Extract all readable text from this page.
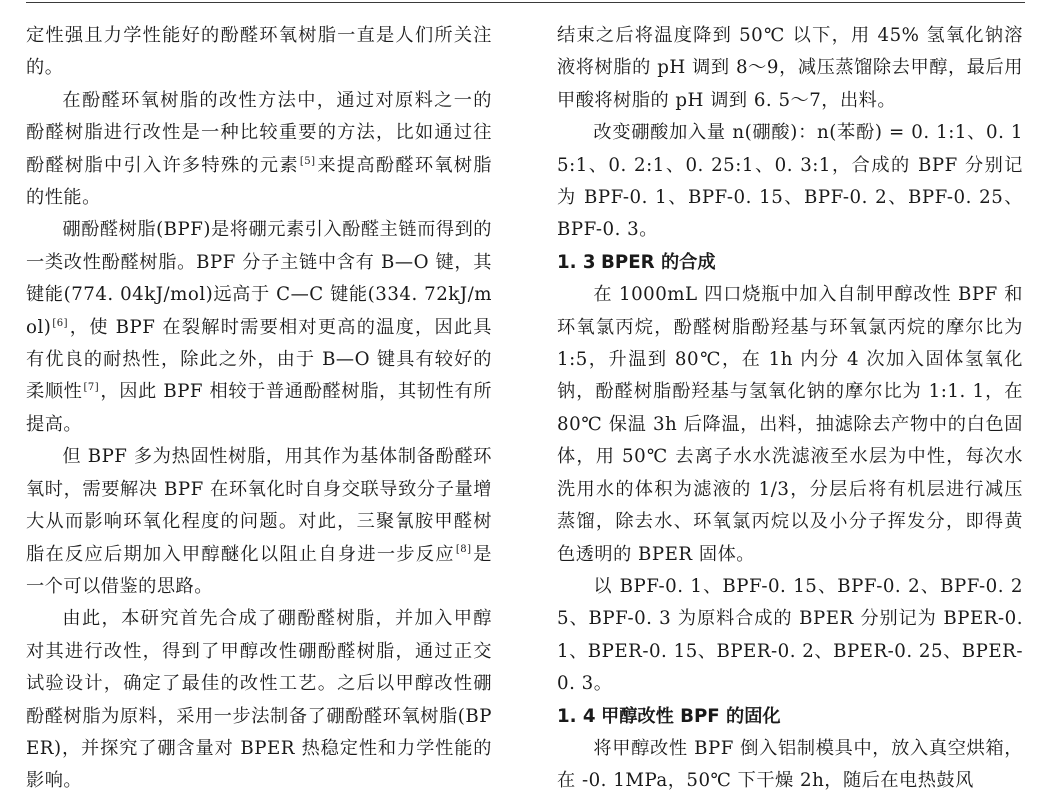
定性强且力学性能好的酚醛环氧树脂一直是人们所关注的。

在酚醛环氧树脂的改性方法中，通过对原料之一的酚醛树脂进行改性是一种比较重要的方法，比如通过往酚醛树脂中引入许多特殊的元素[5]来提高酚醛环氧树脂的性能。

硼酚醛树脂(BPF)是将硼元素引入酚醛主链而得到的一类改性酚醛树脂。BPF 分子主链中含有 B—O 键，其键能(774. 04kJ/mol)远高于 C—C 键能(334. 72kJ/mol)[6]，使 BPF 在裂解时需要相对更高的温度，因此具有优良的耐热性，除此之外，由于 B—O 键具有较好的柔顺性[7]，因此 BPF 相较于普通酚醛树脂，其韧性有所提高。

但 BPF 多为热固性树脂，用其作为基体制备酚醛环氧时，需要解决 BPF 在环氧化时自身交联导致分子量增大从而影响环氧化程度的问题。对此，三聚氰胺甲醛树脂在反应后期加入甲醇醚化以阻止自身进一步反应[8]是一个可以借鉴的思路。

由此，本研究首先合成了硼酚醛树脂，并加入甲醇对其进行改性，得到了甲醇改性硼酚醛树脂，通过正交试验设计，确定了最佳的改性工艺。之后以甲醇改性硼酚醛树脂为原料，采用一步法制备了硼酚醛环氧树脂(BPER)，并探究了硼含量对 BPER 热稳定性和力学性能的影响。

结束之后将温度降到 50℃ 以下，用 45% 氢氧化钠溶液将树脂的 pH 调到 8～9，减压蒸馏除去甲醇，最后用甲酸将树脂的 pH 调到 6. 5～7，出料。

改变硼酸加入量 n(硼酸)：n(苯酚) = 0. 1:1、0. 15:1、0. 2:1、0. 25:1、0. 3:1，合成的 BPF 分别记为 BPF-0. 1、BPF-0. 15、BPF-0. 2、BPF-0. 25、BPF-0. 3。

1. 3 BPER 的合成

在 1000mL 四口烧瓶中加入自制甲醇改性 BPF 和环氧氯丙烷，酚醛树脂酚羟基与环氧氯丙烷的摩尔比为 1:5，升温到 80℃，在 1h 内分 4 次加入固体氢氧化钠，酚醛树脂酚羟基与氢氧化钠的摩尔比为 1:1. 1，在 80℃ 保温 3h 后降温，出料，抽滤除去产物中的白色固体，用 50℃ 去离子水水洗滤液至水层为中性，每次水洗用水的体积为滤液的 1/3，分层后将有机层进行减压蒸馏，除去水、环氧氯丙烷以及小分子挥发分，即得黄色透明的 BPER 固体。

以 BPF-0. 1、BPF-0. 15、BPF-0. 2、BPF-0. 25、BPF-0. 3 为原料合成的 BPER 分别记为 BPER-0. 1、BPER-0. 15、BPER-0. 2、BPER-0. 25、BPER-0. 3。

1. 4 甲醇改性 BPF 的固化

将甲醇改性 BPF 倒入铝制模具中，放入真空烘箱，在 -0. 1MPa，50℃ 下干燥 2h，随后在电热鼓风
